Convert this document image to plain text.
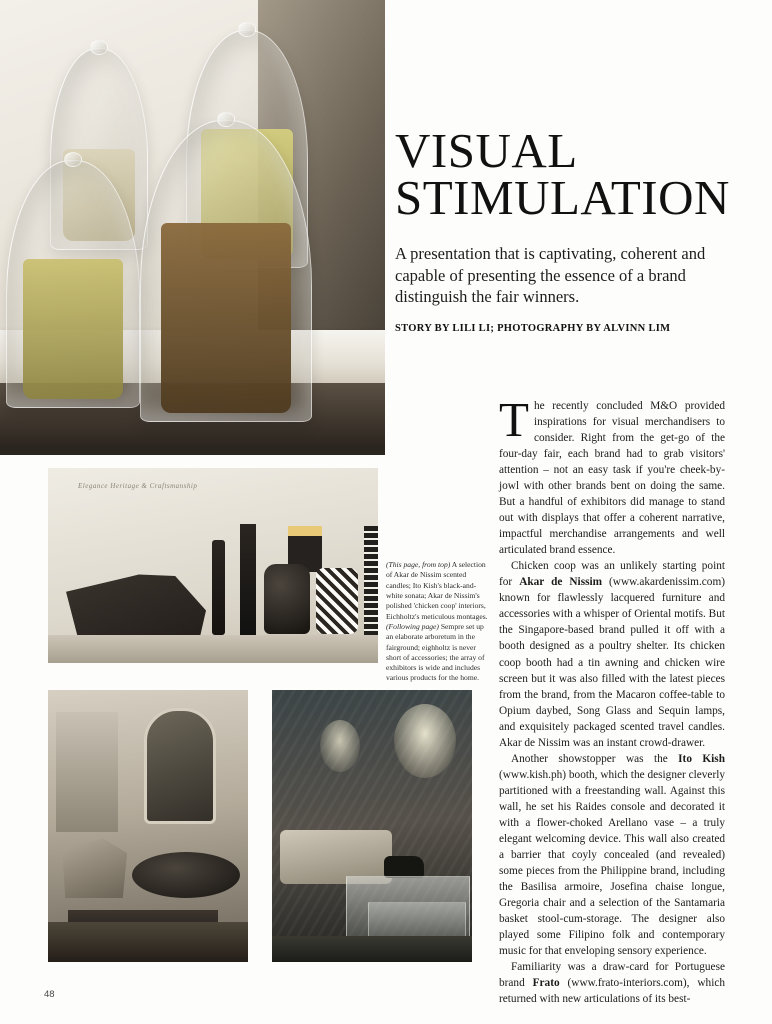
VISUAL
STIMULATION

A presentation that is captivating, coherent and capable of presenting the essence of a brand distinguish the fair winners.

STORY BY LILI LI; PHOTOGRAPHY BY ALVINN LIM

The recently concluded M&O provided inspirations for visual merchandisers to consider. Right from the get-go of the four-day fair, each brand had to grab visitors' attention – not an easy task if you're cheek-by-jowl with other brands bent on doing the same. But a handful of exhibitors did manage to stand out with displays that offer a coherent narrative, impactful merchandise arrangements and well articulated brand essence.

Chicken coop was an unlikely starting point for Akar de Nissim (www.akardenissim.com) known for flawlessly lacquered furniture and accessories with a whisper of Oriental motifs. But the Singapore-based brand pulled it off with a booth designed as a poultry shelter. Its chicken coop booth had a tin awning and chicken wire screen but it was also filled with the latest pieces from the brand, from the Macaron coffee-table to Opium daybed, Song Glass and Sequin lamps, and exquisitely packaged scented travel candles. Akar de Nissim was an instant crowd-drawer.

Another showstopper was the Ito Kish (www.kish.ph) booth, which the designer cleverly partitioned with a freestanding wall. Against this wall, he set his Raides console and decorated it with a flower-choked Arellano vase – a truly elegant welcoming device. This wall also created a barrier that coyly concealed (and revealed) some pieces from the Philippine brand, including the Basilisa armoire, Josefina chaise longue, Gregoria chair and a selection of the Santamaria basket stool-cum-storage. The designer also played some Filipino folk and contemporary music for that enveloping sensory experience.

Familiarity was a draw-card for Portuguese brand Frato (www.frato-interiors.com), which returned with new articulations of its best-

Elegance Heritage & Craftsmanship
(This page, from top) A selection of Akar de Nissim scented candles; Ito Kish's black-and-white sonata; Akar de Nissim's polished 'chicken coop' interiors, Eichholtz's meticulous montages. (Following page) Sempre set up an elaborate arboretum in the fairground; eighholtz is never short of accessories; the array of exhibitors is wide and includes various products for the home.
48
